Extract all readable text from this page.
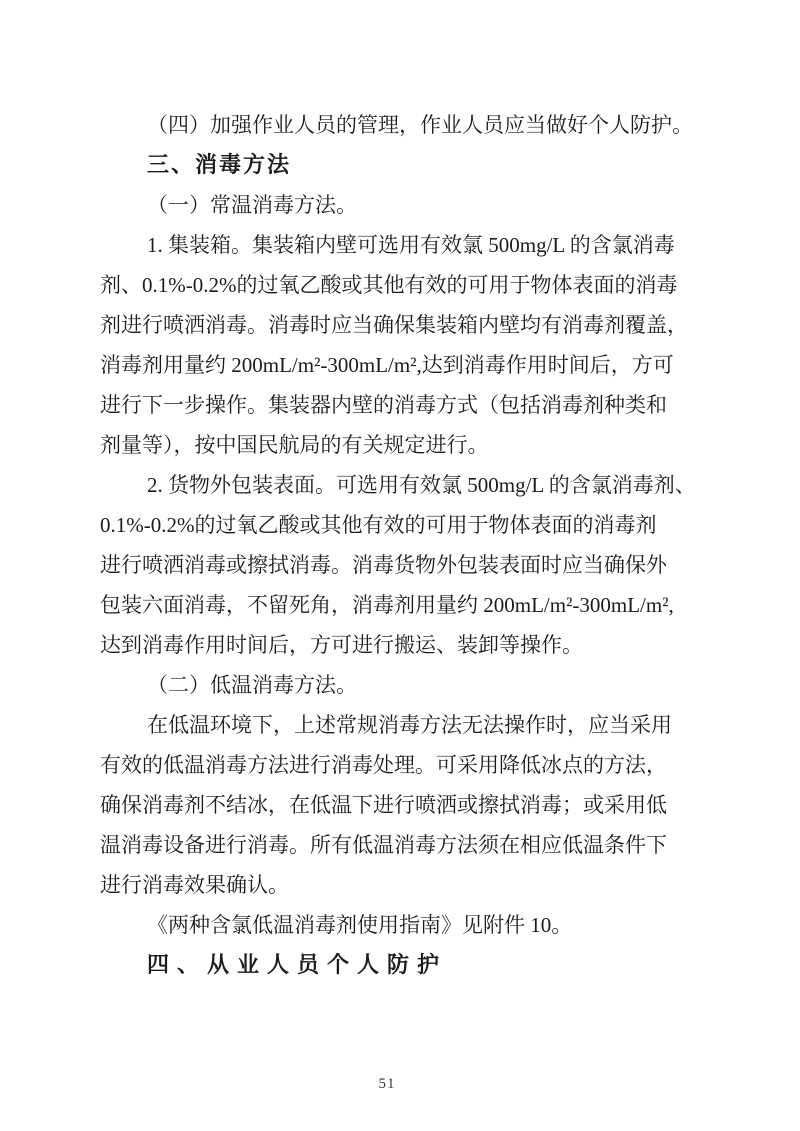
（四）加强作业人员的管理，作业人员应当做好个人防护。
三、消毒方法
（一）常温消毒方法。
1. 集装箱。集装箱内壁可选用有效氯 500mg/L 的含氯消毒
剂、0.1%-0.2%的过氧乙酸或其他有效的可用于物体表面的消毒
剂进行喷洒消毒。消毒时应当确保集装箱内壁均有消毒剂覆盖，
消毒剂用量约 200mL/m²-300mL/m²,达到消毒作用时间后，方可
进行下一步操作。集装器内壁的消毒方式（包括消毒剂种类和
剂量等），按中国民航局的有关规定进行。
2. 货物外包装表面。可选用有效氯 500mg/L 的含氯消毒剂、
0.1%-0.2%的过氧乙酸或其他有效的可用于物体表面的消毒剂
进行喷洒消毒或擦拭消毒。消毒货物外包装表面时应当确保外
包装六面消毒，不留死角，消毒剂用量约 200mL/m²-300mL/m²,
达到消毒作用时间后，方可进行搬运、装卸等操作。
（二）低温消毒方法。
在低温环境下，上述常规消毒方法无法操作时，应当采用
有效的低温消毒方法进行消毒处理。可采用降低冰点的方法，
确保消毒剂不结冰，在低温下进行喷洒或擦拭消毒；或采用低
温消毒设备进行消毒。所有低温消毒方法须在相应低温条件下
进行消毒效果确认。
《两种含氯低温消毒剂使用指南》见附件 10。
四、从业人员个人防护
51
